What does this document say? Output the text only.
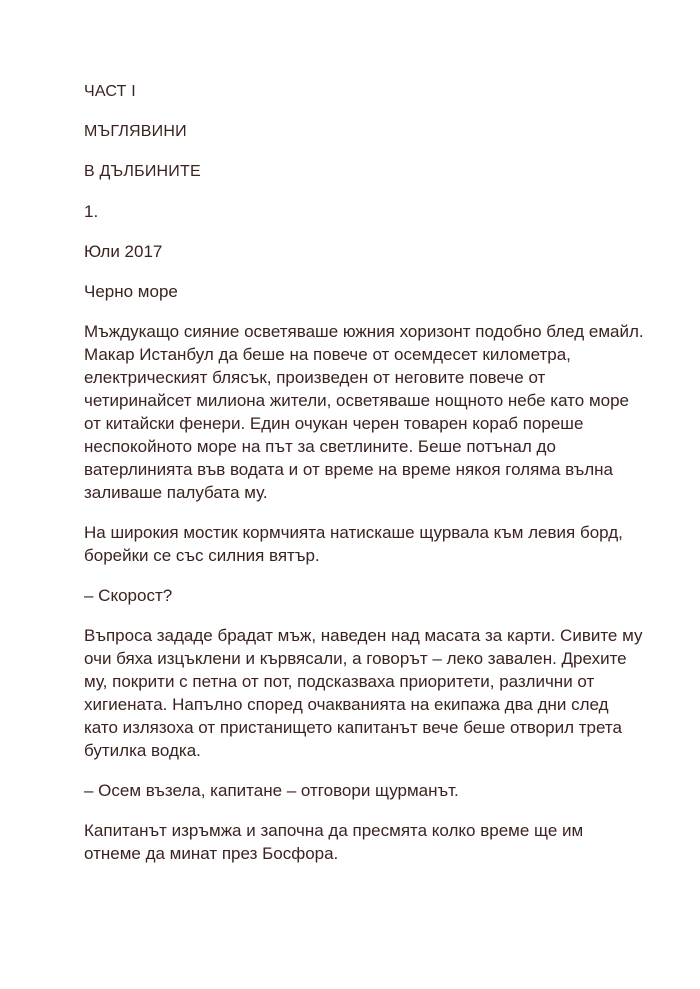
ЧАСТ I

МЪГЛЯВИНИ

В ДЪЛБИНИТЕ

1.

Юли 2017

Черно море

Мъждукащо сияние осветяваше южния хоризонт подобно блед емайл. Макар Истанбул да беше на повече от осемдесет километра, електрическият блясък, произведен от неговите повече от четиринайсет милиона жители, осветяваше нощното небе като море от китайски фенери. Един очукан черен товарен кораб пореше неспокойното море на път за светлините. Беше потънал до ватерлинията във водата и от време на време някоя голяма вълна заливаше палубата му.

На широкия мостик кормчията натискаше щурвала към левия борд, борейки се със силния вятър.

– Скорост?

Въпроса зададе брадат мъж, наведен над масата за карти. Сивите му очи бяха изцъклени и кървясали, а говорът – леко завален. Дрехите му, покрити с петна от пот, подсказваха приоритети, различни от хигиената. Напълно според очакванията на екипажа два дни след като излязоха от пристанището капитанът вече беше отворил трета бутилка водка.

– Осем възела, капитане – отговори щурманът.

Капитанът изръмжа и започна да пресмята колко време ще им отнеме да минат през Босфора.
